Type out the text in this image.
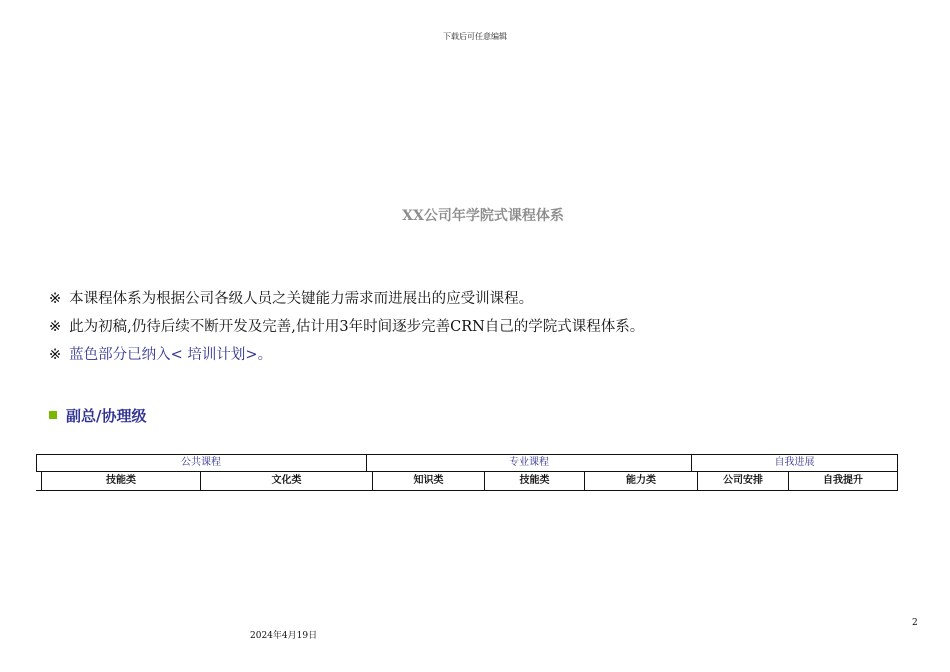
下载后可任意编辑
XX公司年学院式课程体系
※ 本课程体系为根据公司各级人员之关键能力需求而进展出的应受训课程。
※ 此为初稿,仍待后续不断开发及完善,估计用3年时间逐步完善CRN自己的学院式课程体系。
※ 蓝色部分已纳入< 培训计划>。
副总/协理级
公共课程	专业课程	自我进展
技能类	文化类	知识类	技能类	能力类	公司安排	自我提升
2024年4月19日
2
